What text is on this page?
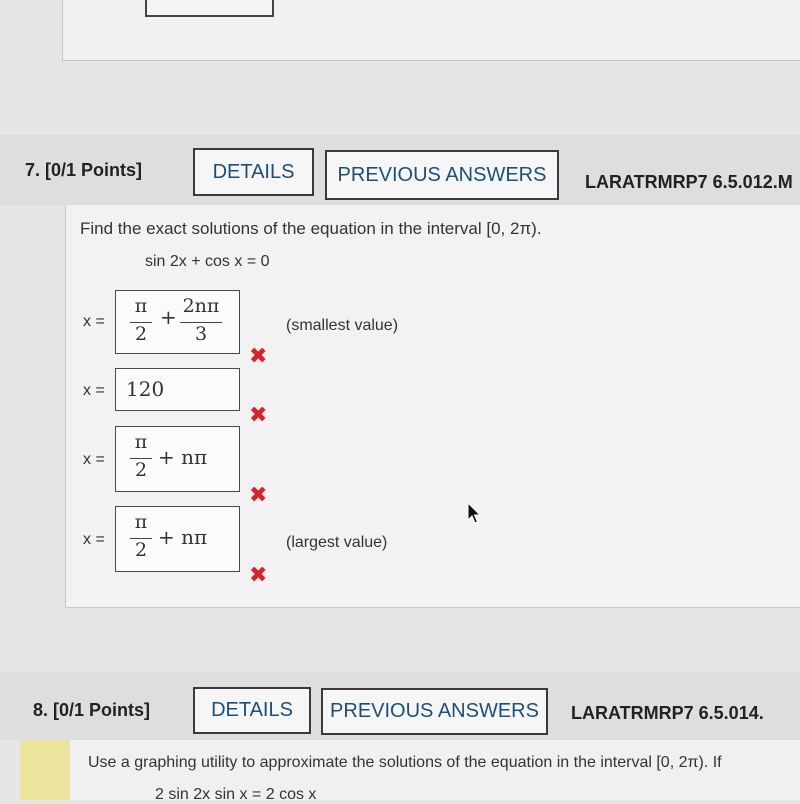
7. [0/1 Points]	DETAILS	PREVIOUS ANSWERS	LARATRMRP7 6.5.012.M
Find the exact solutions of the equation in the interval [0, 2π).
sin 2x + cos x = 0
x =
π
2
+ 2nπ
3	(smallest value)
✖
x = 120
✖
x =
π
2
+ nπ
✖
x =
π
2
+ nπ	(largest value)
✖
8. [0/1 Points]	DETAILS	PREVIOUS ANSWERS	LARATRMRP7 6.5.014.
Use a graphing utility to approximate the solutions of the equation in the interval [0, 2π). If
2 sin 2x sin x = 2 cos x
